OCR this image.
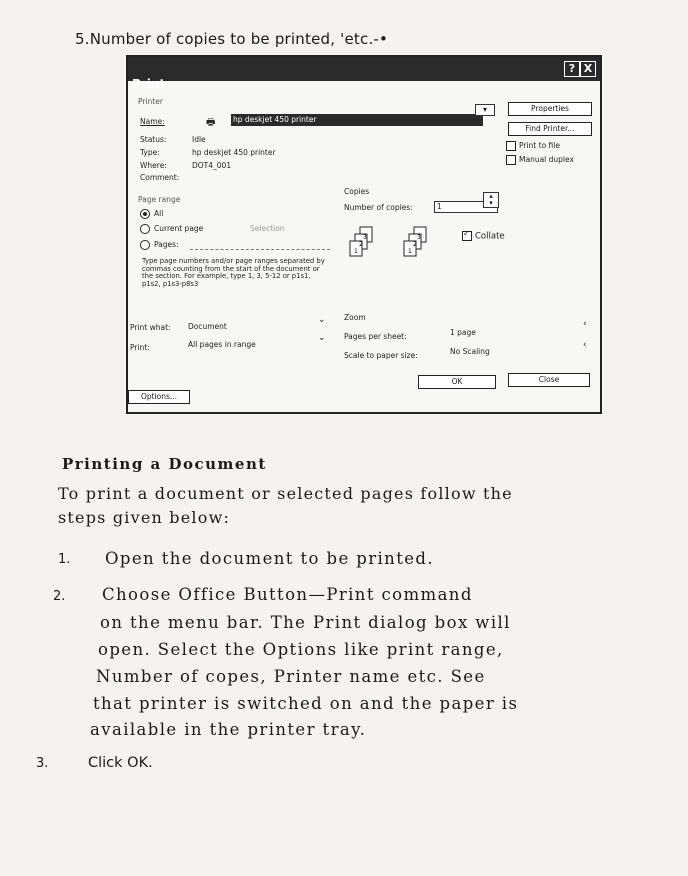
5.Number of copies to be printed, 'etc.-•
Print
? X
Printer
Name:	🖶 hp deskjet 450 printer
▾	Properties
Status:	Idle
Find Printer...
Type:	hp deskjet 450 printer
Print to file
Where:	DOT4_001
Manual duplex
Comment:
Page range
All
Current page	Selection
Pages:
Type page numbers and/or page ranges separated by commas counting from the start of the document or the section. For example, type 1, 3, 5-12 or p1s1, p1s2, p1s3-p8s3
Copies
Number of copies:	1
▴
▾
3
2
1
3
2
1
✓Collate
Print what: Document
⌄
Print:	All pages in range
⌄
Zoom
Pages per sheet:	1 page
‹
Scale to paper size:	No Scaling
‹
Options...
OK	Close
Printing a Document
To print a document or selected pages follow the steps given below:
1. Open the document to be printed.
2. Choose Office Button—Print command
on the menu bar. The Print dialog box will
open. Select the Options like print range,
Number of copes, Printer name etc. See
that printer is switched on and the paper is
available in the printer tray.
3.	Click OK.
